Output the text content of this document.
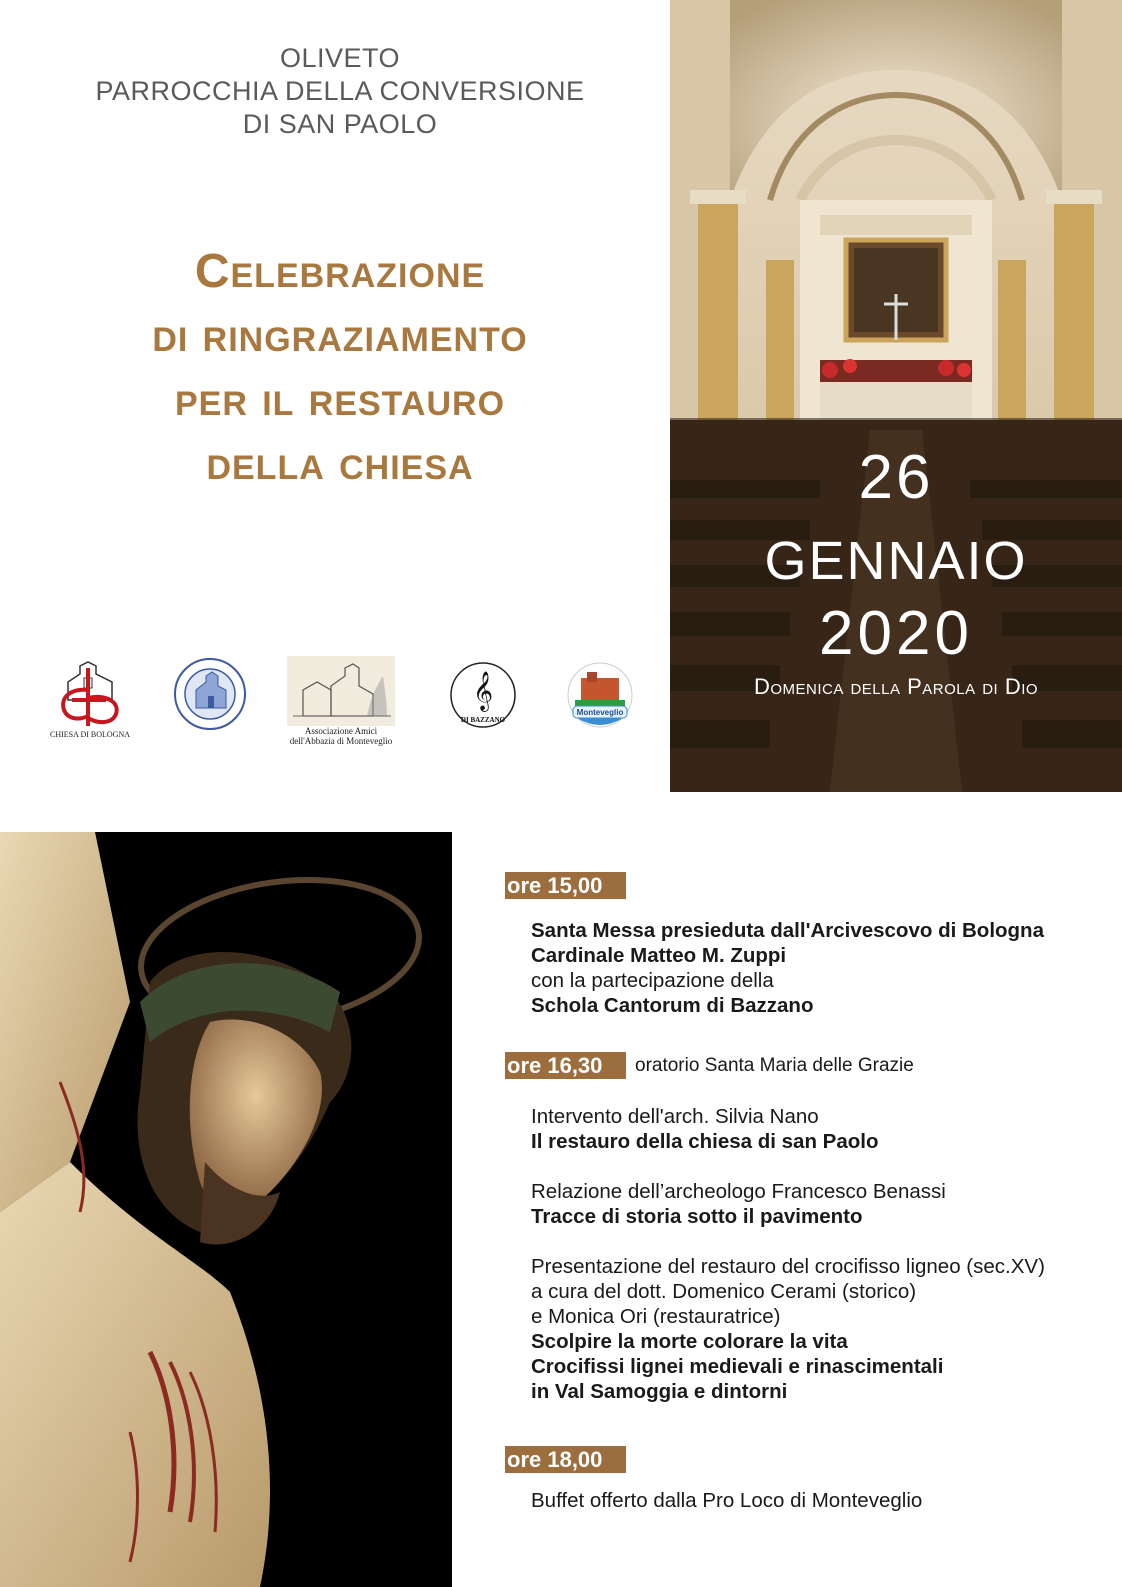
OLIVETO
PARROCCHIA DELLA CONVERSIONE
DI SAN PAOLO
Celebrazione
di ringraziamento
per il restauro
della chiesa
CHIESA DI BOLOGNA	Associazione Amici
dell'Abbazia di Monteveglio
𝄞
DI BAZZANO
Monteveglio
26
GENNAIO
2020
Domenica della Parola di Dio
ore 15,00
Santa Messa presieduta dall'Arcivescovo di Bologna
Cardinale Matteo M. Zuppi
con la partecipazione della
Schola Cantorum di Bazzano
ore 16,30	oratorio Santa Maria delle Grazie
Intervento dell'arch. Silvia Nano
Il restauro della chiesa di san Paolo
Relazione dell’archeologo Francesco Benassi
Tracce di storia sotto il pavimento
Presentazione del restauro del crocifisso ligneo (sec.XV)
a cura del dott. Domenico Cerami (storico)
e Monica Ori (restauratrice)
Scolpire la morte colorare la vita
Crocifissi lignei medievali e rinascimentali
in Val Samoggia e dintorni
ore 18,00
Buffet offerto dalla Pro Loco di Monteveglio
